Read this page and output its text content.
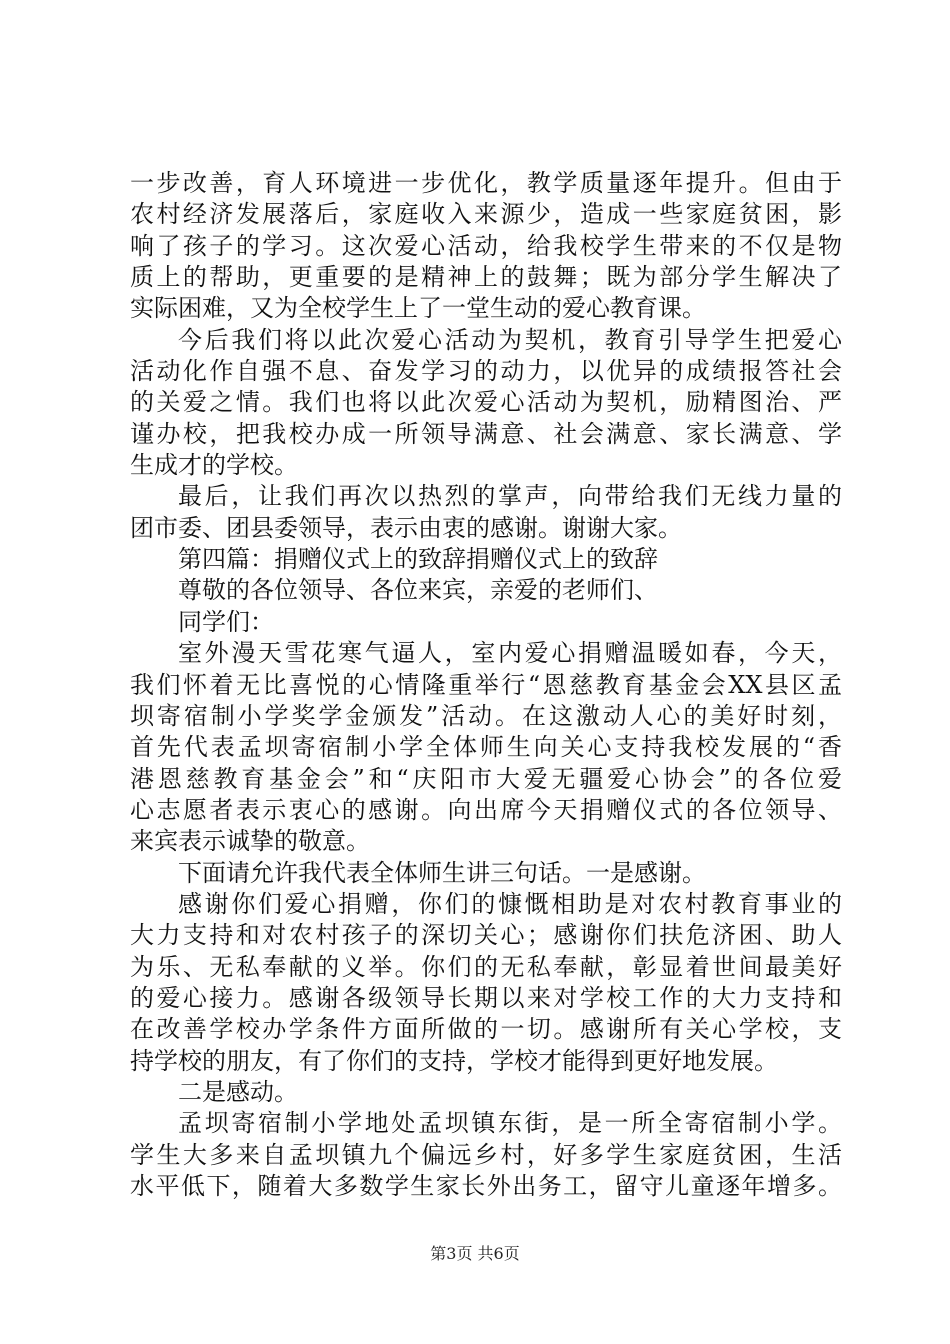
一步改善，育人环境进一步优化，教学质量逐年提升。但由于
农村经济发展落后，家庭收入来源少，造成一些家庭贫困，影
响了孩子的学习。这次爱心活动，给我校学生带来的不仅是物
质上的帮助，更重要的是精神上的鼓舞；既为部分学生解决了
实际困难，又为全校学生上了一堂生动的爱心教育课。
今后我们将以此次爱心活动为契机，教育引导学生把爱心
活动化作自强不息、奋发学习的动力，以优异的成绩报答社会
的关爱之情。我们也将以此次爱心活动为契机，励精图治、严
谨办校，把我校办成一所领导满意、社会满意、家长满意、学
生成才的学校。
最后，让我们再次以热烈的掌声，向带给我们无线力量的
团市委、团县委领导，表示由衷的感谢。谢谢大家。
第四篇：捐赠仪式上的致辞捐赠仪式上的致辞
尊敬的各位领导、各位来宾，亲爱的老师们、
同学们：
室外漫天雪花寒气逼人，室内爱心捐赠温暖如春，今天，
我们怀着无比喜悦的心情隆重举行“恩慈教育基金会XX县区孟
坝寄宿制小学奖学金颁发”活动。在这激动人心的美好时刻，
首先代表孟坝寄宿制小学全体师生向关心支持我校发展的“香
港恩慈教育基金会”和“庆阳市大爱无疆爱心协会”的各位爱
心志愿者表示衷心的感谢。向出席今天捐赠仪式的各位领导、
来宾表示诚挚的敬意。
下面请允许我代表全体师生讲三句话。一是感谢。
感谢你们爱心捐赠，你们的慷慨相助是对农村教育事业的
大力支持和对农村孩子的深切关心；感谢你们扶危济困、助人
为乐、无私奉献的义举。你们的无私奉献，彰显着世间最美好
的爱心接力。感谢各级领导长期以来对学校工作的大力支持和
在改善学校办学条件方面所做的一切。感谢所有关心学校，支
持学校的朋友，有了你们的支持，学校才能得到更好地发展。
二是感动。
孟坝寄宿制小学地处孟坝镇东街，是一所全寄宿制小学。
学生大多来自孟坝镇九个偏远乡村，好多学生家庭贫困，生活
水平低下，随着大多数学生家长外出务工，留守儿童逐年增多。
第3页 共6页
